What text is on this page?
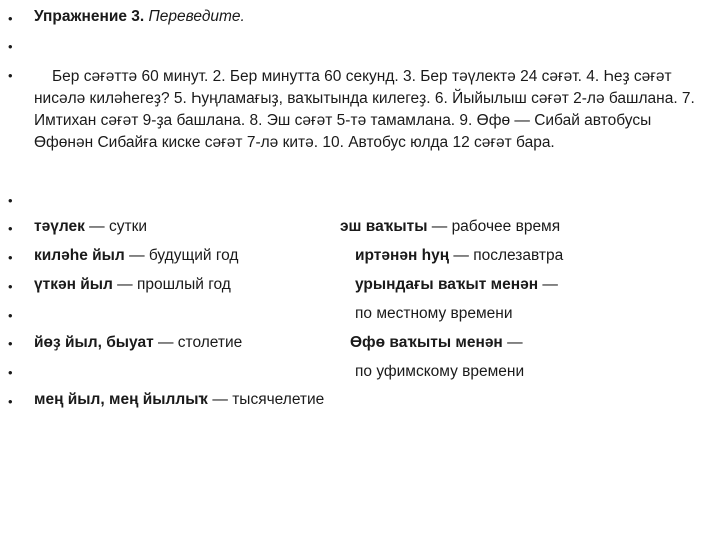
•
•
•
•
•
•
•
•
•
•
•
Упражнение 3. Переведите.
Бер сәғәттә 60 минут. 2. Бер минутта 60 секунд. 3. Бер тәүлектә 24 сәғәт. 4. Һеҙ сәғәт нисәлә киләһегеҙ? 5. Һуңламағыҙ, ваҡытында килегеҙ. 6. Йыйылыш сәғәт 2-лә башлана. 7. Имтихан сәғәт 9-ҙа башлана. 8. Эш сәғәт 5-тә тамамлана. 9. Өфө — Сибай автобусы Өфөнән Сибайға киске сәғәт 7-лә китә. 10. Автобус юлда 12 сәғәт бара.
тәүлек — сутки	эш ваҡыты — рабочее время
киләһе йыл — будущий год	иртәнән һуң — послезавтра
үткән йыл — прошлый год	урындағы ваҡыт менән —
по местному времени
йөҙ йыл, быуат — столетие	Өфө ваҡыты менән —
по уфимскому времени
мең йыл, мең йыллыҡ — тысячелетие
